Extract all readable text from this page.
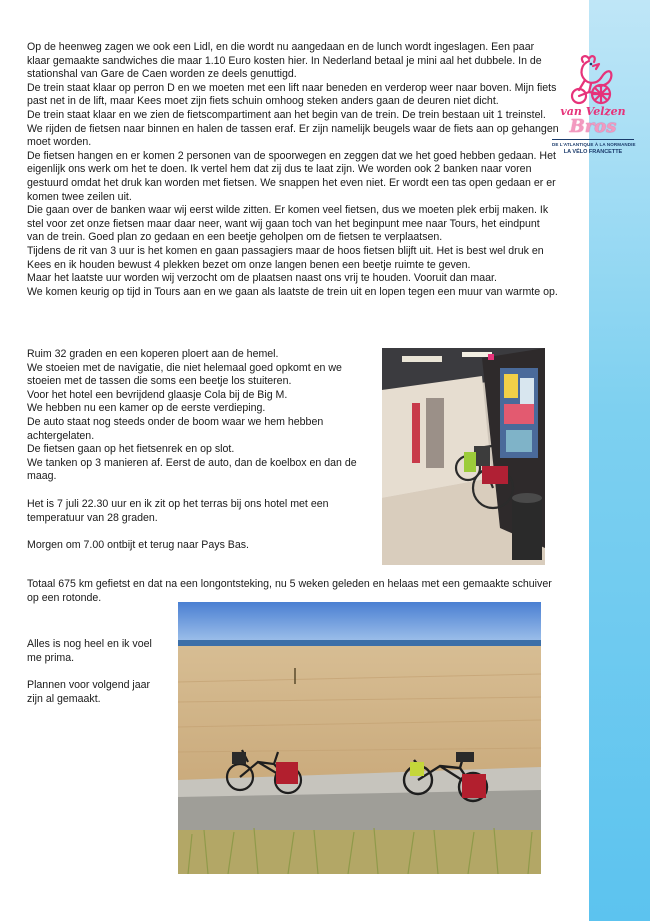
van Velzen
Bros
DE L'ATLANTIQUE À LA NORMANDIE
LA VÉLO FRANCETTE

Op de heenweg zagen we ook een Lidl, en die wordt nu aangedaan en de lunch wordt ingeslagen. Een paar klaar gemaakte sandwiches die maar 1.10 Euro kosten hier. In Nederland betaal je mini aal het dubbele. In de stationshal van Gare de Caen worden ze deels genuttigd.

De trein staat klaar op perron D en we moeten met een lift naar beneden en verderop weer naar boven. Mijn fiets past net in de lift, maar Kees moet zijn fiets schuin omhoog steken anders gaan de deuren niet dicht.

De trein staat klaar en we zien de fietscompartiment aan het begin van de trein. De trein bestaan uit 1 treinstel. We rijden de fietsen naar binnen en halen de tassen eraf. Er zijn namelijk beugels waar de fiets aan op gehangen moet worden.

De fietsen hangen en er komen 2 personen van de spoorwegen en zeggen dat we het goed hebben gedaan. Het eigenlijk ons werk om het te doen. Ik vertel hem dat zij dus te laat zijn. We worden ook 2 banken naar voren gestuurd omdat het druk kan worden met fietsen. We snappen het even niet. Er wordt een tas open gedaan er er komen twee zeilen uit.

Die gaan over de banken waar wij eerst wilde zitten. Er komen veel fietsen, dus we moeten plek erbij maken. Ik stel voor zet onze fietsen maar daar neer, want wij gaan toch van het beginpunt mee naar Tours, het eindpunt van de trein. Goed plan zo gedaan en een beetje geholpen om de fietsen te verplaatsen.

Tijdens de rit van 3 uur is het komen en gaan passagiers maar de hoos fietsen blijft uit. Het is best wel druk en Kees en ik houden bewust 4 plekken bezet om onze langen benen een beetje ruimte te geven.

Maar het laatste uur worden wij verzocht om de plaatsen naast ons vrij te houden. Vooruit dan maar.

We komen keurig op tijd in Tours aan en we gaan als laatste de trein uit en lopen tegen een muur van warmte op.

Ruim 32 graden en een koperen ploert aan de hemel.

We stoeien met de navigatie, die niet helemaal goed opkomt en we stoeien met de tassen die soms een beetje los stuiteren.

Voor het hotel een bevrijdend glaasje Cola bij de Big M.

We hebben nu een kamer op de eerste verdieping.

De auto staat nog steeds onder de boom waar we hem hebben achtergelaten.

De fietsen gaan op het fietsenrek en op slot.

We tanken op 3 manieren af. Eerst de auto, dan de koelbox en dan de maag.

Het is 7 juli 22.30 uur en ik zit op het terras bij ons hotel met een temperatuur van 28 graden.

Morgen om 7.00 ontbijt et terug naar Pays Bas.

Totaal 675 km gefietst en dat na een longontsteking, nu 5 weken geleden en helaas met een gemaakte schuiver op een rotonde.

Alles is nog heel en ik voel me prima.

Plannen voor volgend jaar zijn al gemaakt.
